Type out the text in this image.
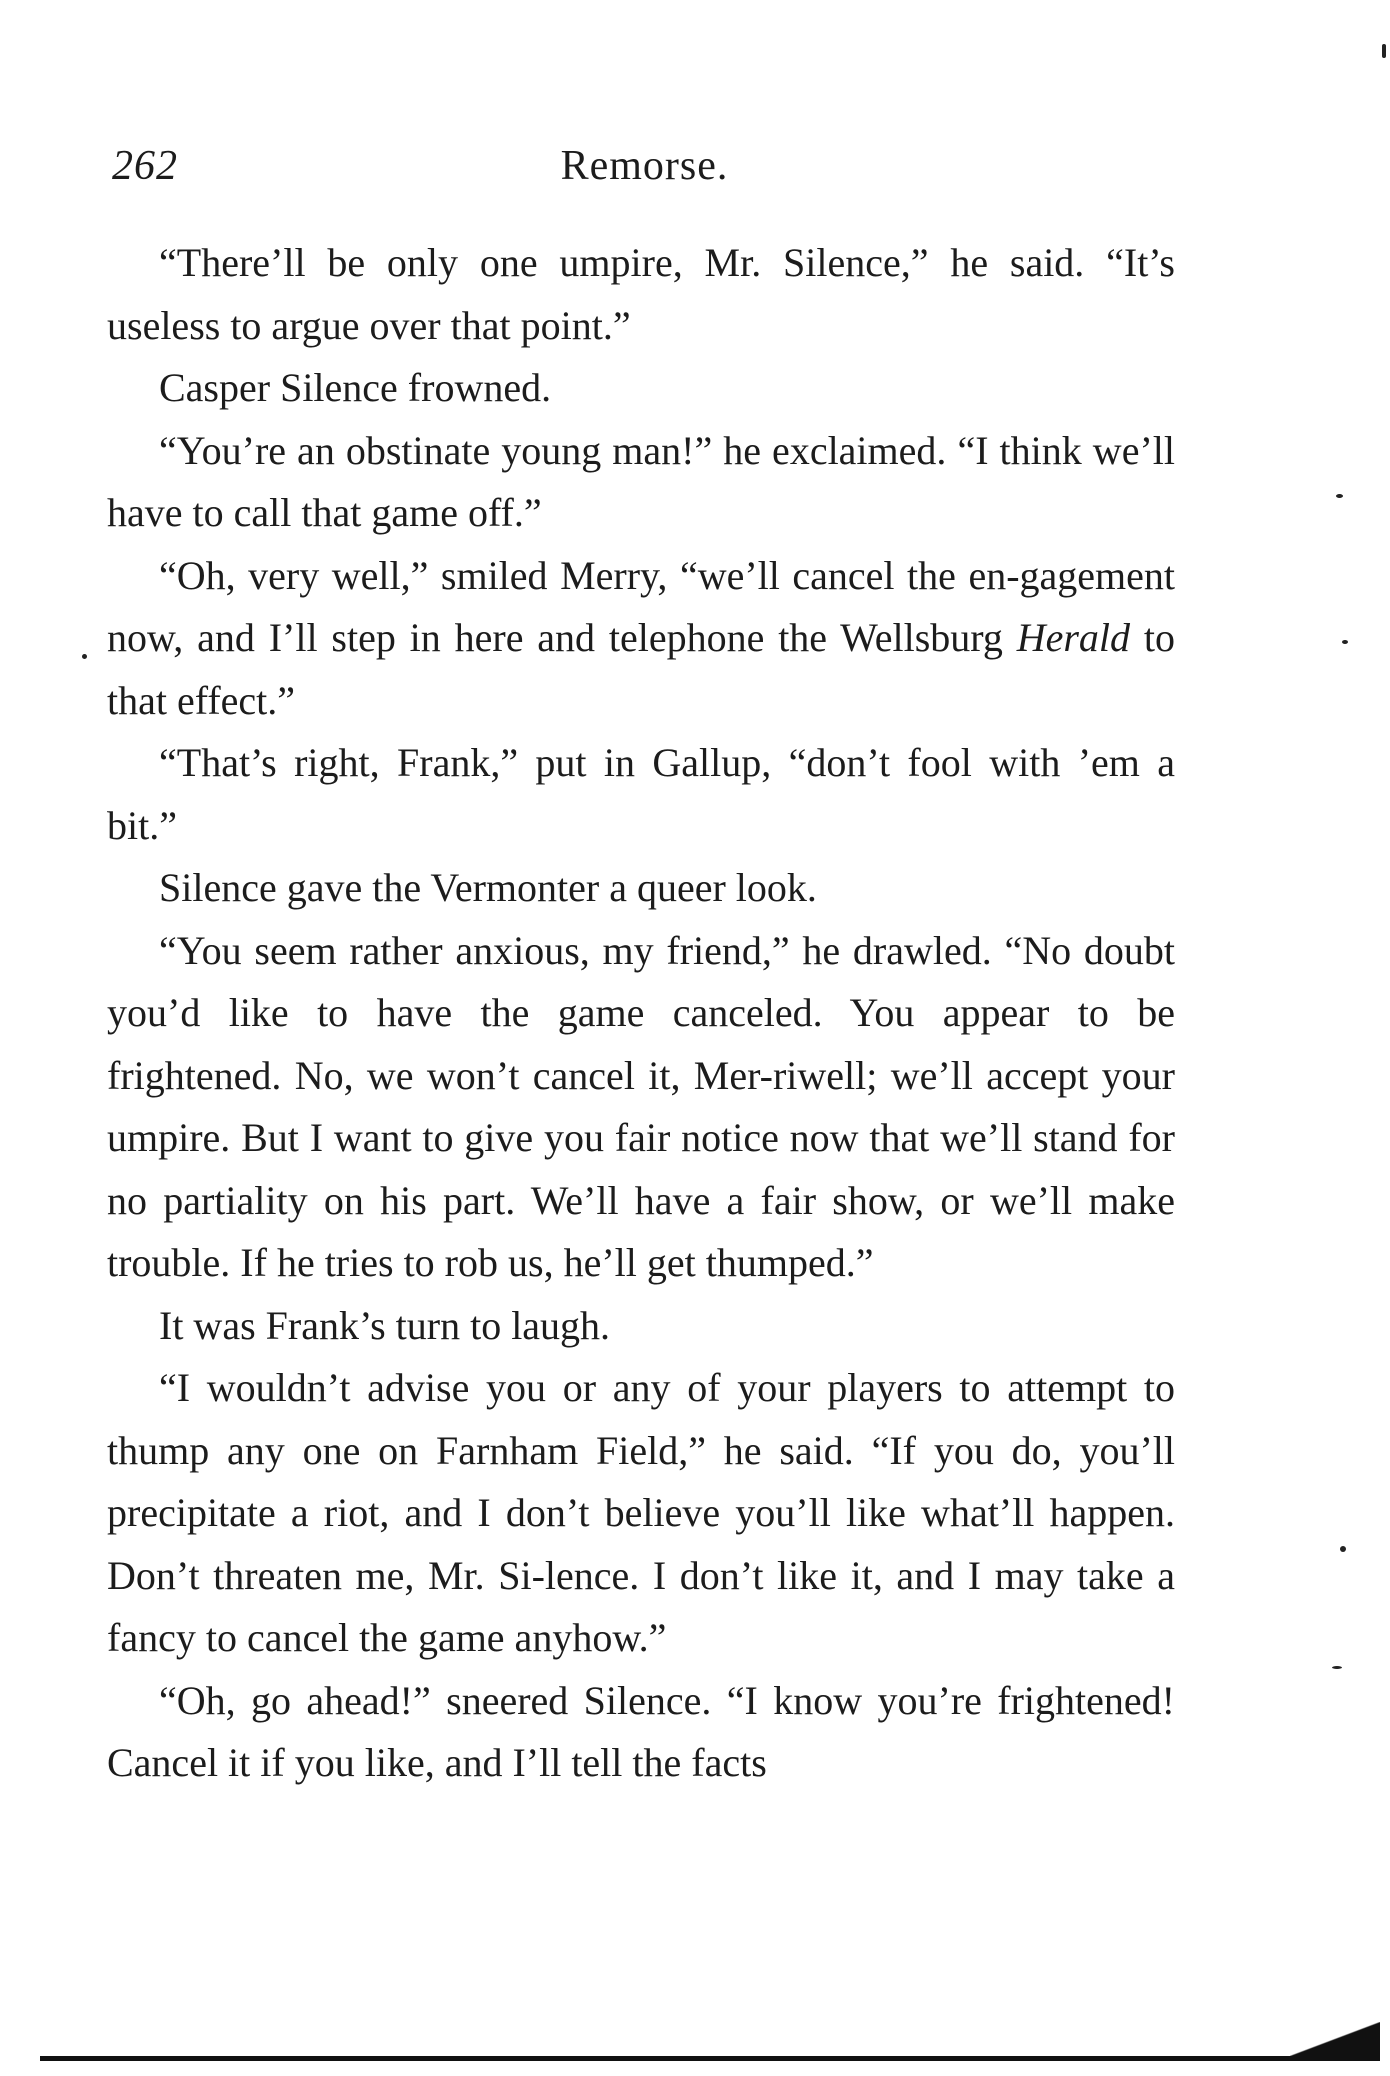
262	Remorse.

“There’ll be only one umpire, Mr. Silence,” he said. “It’s useless to argue over that point.”

Casper Silence frowned.

“You’re an obstinate young man!” he exclaimed. “I think we’ll have to call that game off.”

“Oh, very well,” smiled Merry, “we’ll cancel the en-gagement now, and I’ll step in here and telephone the Wellsburg Herald to that effect.”

“That’s right, Frank,” put in Gallup, “don’t fool with ’em a bit.”

Silence gave the Vermonter a queer look.

“You seem rather anxious, my friend,” he drawled. “No doubt you’d like to have the game canceled. You appear to be frightened. No, we won’t cancel it, Mer-riwell; we’ll accept your umpire. But I want to give you fair notice now that we’ll stand for no partiality on his part. We’ll have a fair show, or we’ll make trouble. If he tries to rob us, he’ll get thumped.”

It was Frank’s turn to laugh.

“I wouldn’t advise you or any of your players to attempt to thump any one on Farnham Field,” he said. “If you do, you’ll precipitate a riot, and I don’t believe you’ll like what’ll happen. Don’t threaten me, Mr. Si-lence. I don’t like it, and I may take a fancy to cancel the game anyhow.”

“Oh, go ahead!” sneered Silence. “I know you’re frightened! Cancel it if you like, and I’ll tell the facts
